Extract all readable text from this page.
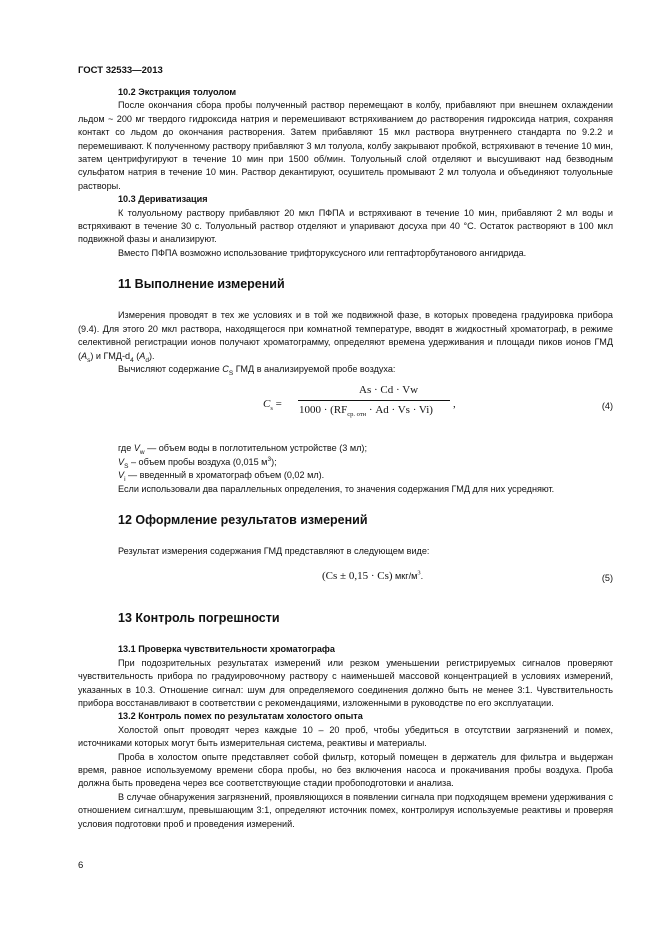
ГОСТ 32533—2013
10.2 Экстракция толуолом

После окончания сбора пробы полученный раствор перемещают в колбу, прибавляют при внешнем охлаждении льдом ~ 200 мг твердого гидроксида натрия и перемешивают встряхиванием до растворения гидроксида натрия, сохраняя контакт со льдом до окончания растворения. Затем прибавляют 15 мкл раствора внутреннего стандарта по 9.2.2 и перемешивают. К полученному раствору прибавляют 3 мл толуола, колбу закрывают пробкой, встряхивают в течение 10 мин, затем центрифугируют в течение 10 мин при 1500 об/мин. Толуольный слой отделяют и высушивают над безводным сульфатом натрия в течение 10 мин. Раствор декантируют, осушитель промывают 2 мл толуола и объединяют толуольные растворы.

10.3 Дериватизация

К толуольному раствору прибавляют 20 мкл ПФПА и встряхивают в течение 10 мин, прибавляют 2 мл воды и встряхивают в течение 30 с. Толуольный раствор отделяют и упаривают досуха при 40 °С. Остаток растворяют в 100 мкл подвижной фазы и анализируют.

Вместо ПФПА возможно использование трифторуксусного или гептафторбутанового ангидрида.

11 Выполнение измерений

Измерения проводят в тех же условиях и в той же подвижной фазе, в которых проведена градуировка прибора (9.4). Для этого 20 мкл раствора, находящегося при комнатной температуре, вводят в жидкостный хроматограф, в режиме селективной регистрации ионов получают хроматограмму, определяют времена удерживания и площади пиков ионов ГМД $(A_s)$ и ГМД-$d_4$ $(A_d)$.

Вычисляют содержание $C_S$ ГМД в анализируемой пробе воздуха:

$C_s$ =
As · Cd · Vw
$1000 \cdot (RF_{ср. отн} \cdot Ad \cdot Vs \cdot Vi)$ ,	(4)

где $V_w$ — объем воды в поглотительном устройстве (3 мл);

$V_S$ – объем пробы воздуха (0,015 $м^3$);

$V_i$ — введенный в хроматограф объем (0,02 мл).

Если использовали два параллельных определения, то значения содержания ГМД для них усредняют.

12 Оформление результатов измерений

Результат измерения содержания ГМД представляют в следующем виде:

(Cs ± 0,15 · Cs) мкг/$м^3$.	(5)
13 Контроль погрешности
13.1 Проверка чувствительности хроматографа

При подозрительных результатах измерений или резком уменьшении регистрируемых сигналов проверяют чувствительность прибора по градуировочному раствору с наименьшей массовой концентрацией в условиях измерений, указанных в 10.3. Отношение сигнал: шум для определяемого соединения должно быть не менее 3:1. Чувствительность прибора восстанавливают в соответствии с рекомендациями, изложенными в руководстве по его эксплуатации.

13.2 Контроль помех по результатам холостого опыта

Холостой опыт проводят через каждые 10 – 20 проб, чтобы убедиться в отсутствии загрязнений и помех, источниками которых могут быть измерительная система, реактивы и материалы.

Проба в холостом опыте представляет собой фильтр, который помещен в держатель для фильтра и выдержан время, равное используемому времени сбора пробы, но без включения насоса и прокачивания пробы воздуха. Проба должна быть проведена через все соответствующие стадии пробоподготовки и анализа.

В случае обнаружения загрязнений, проявляющихся в появлении сигнала при подходящем времени удерживания с отношением сигнал:шум, превышающим 3:1, определяют источник помех, контролируя используемые реактивы и проверяя условия подготовки проб и проведения измерений.

6
